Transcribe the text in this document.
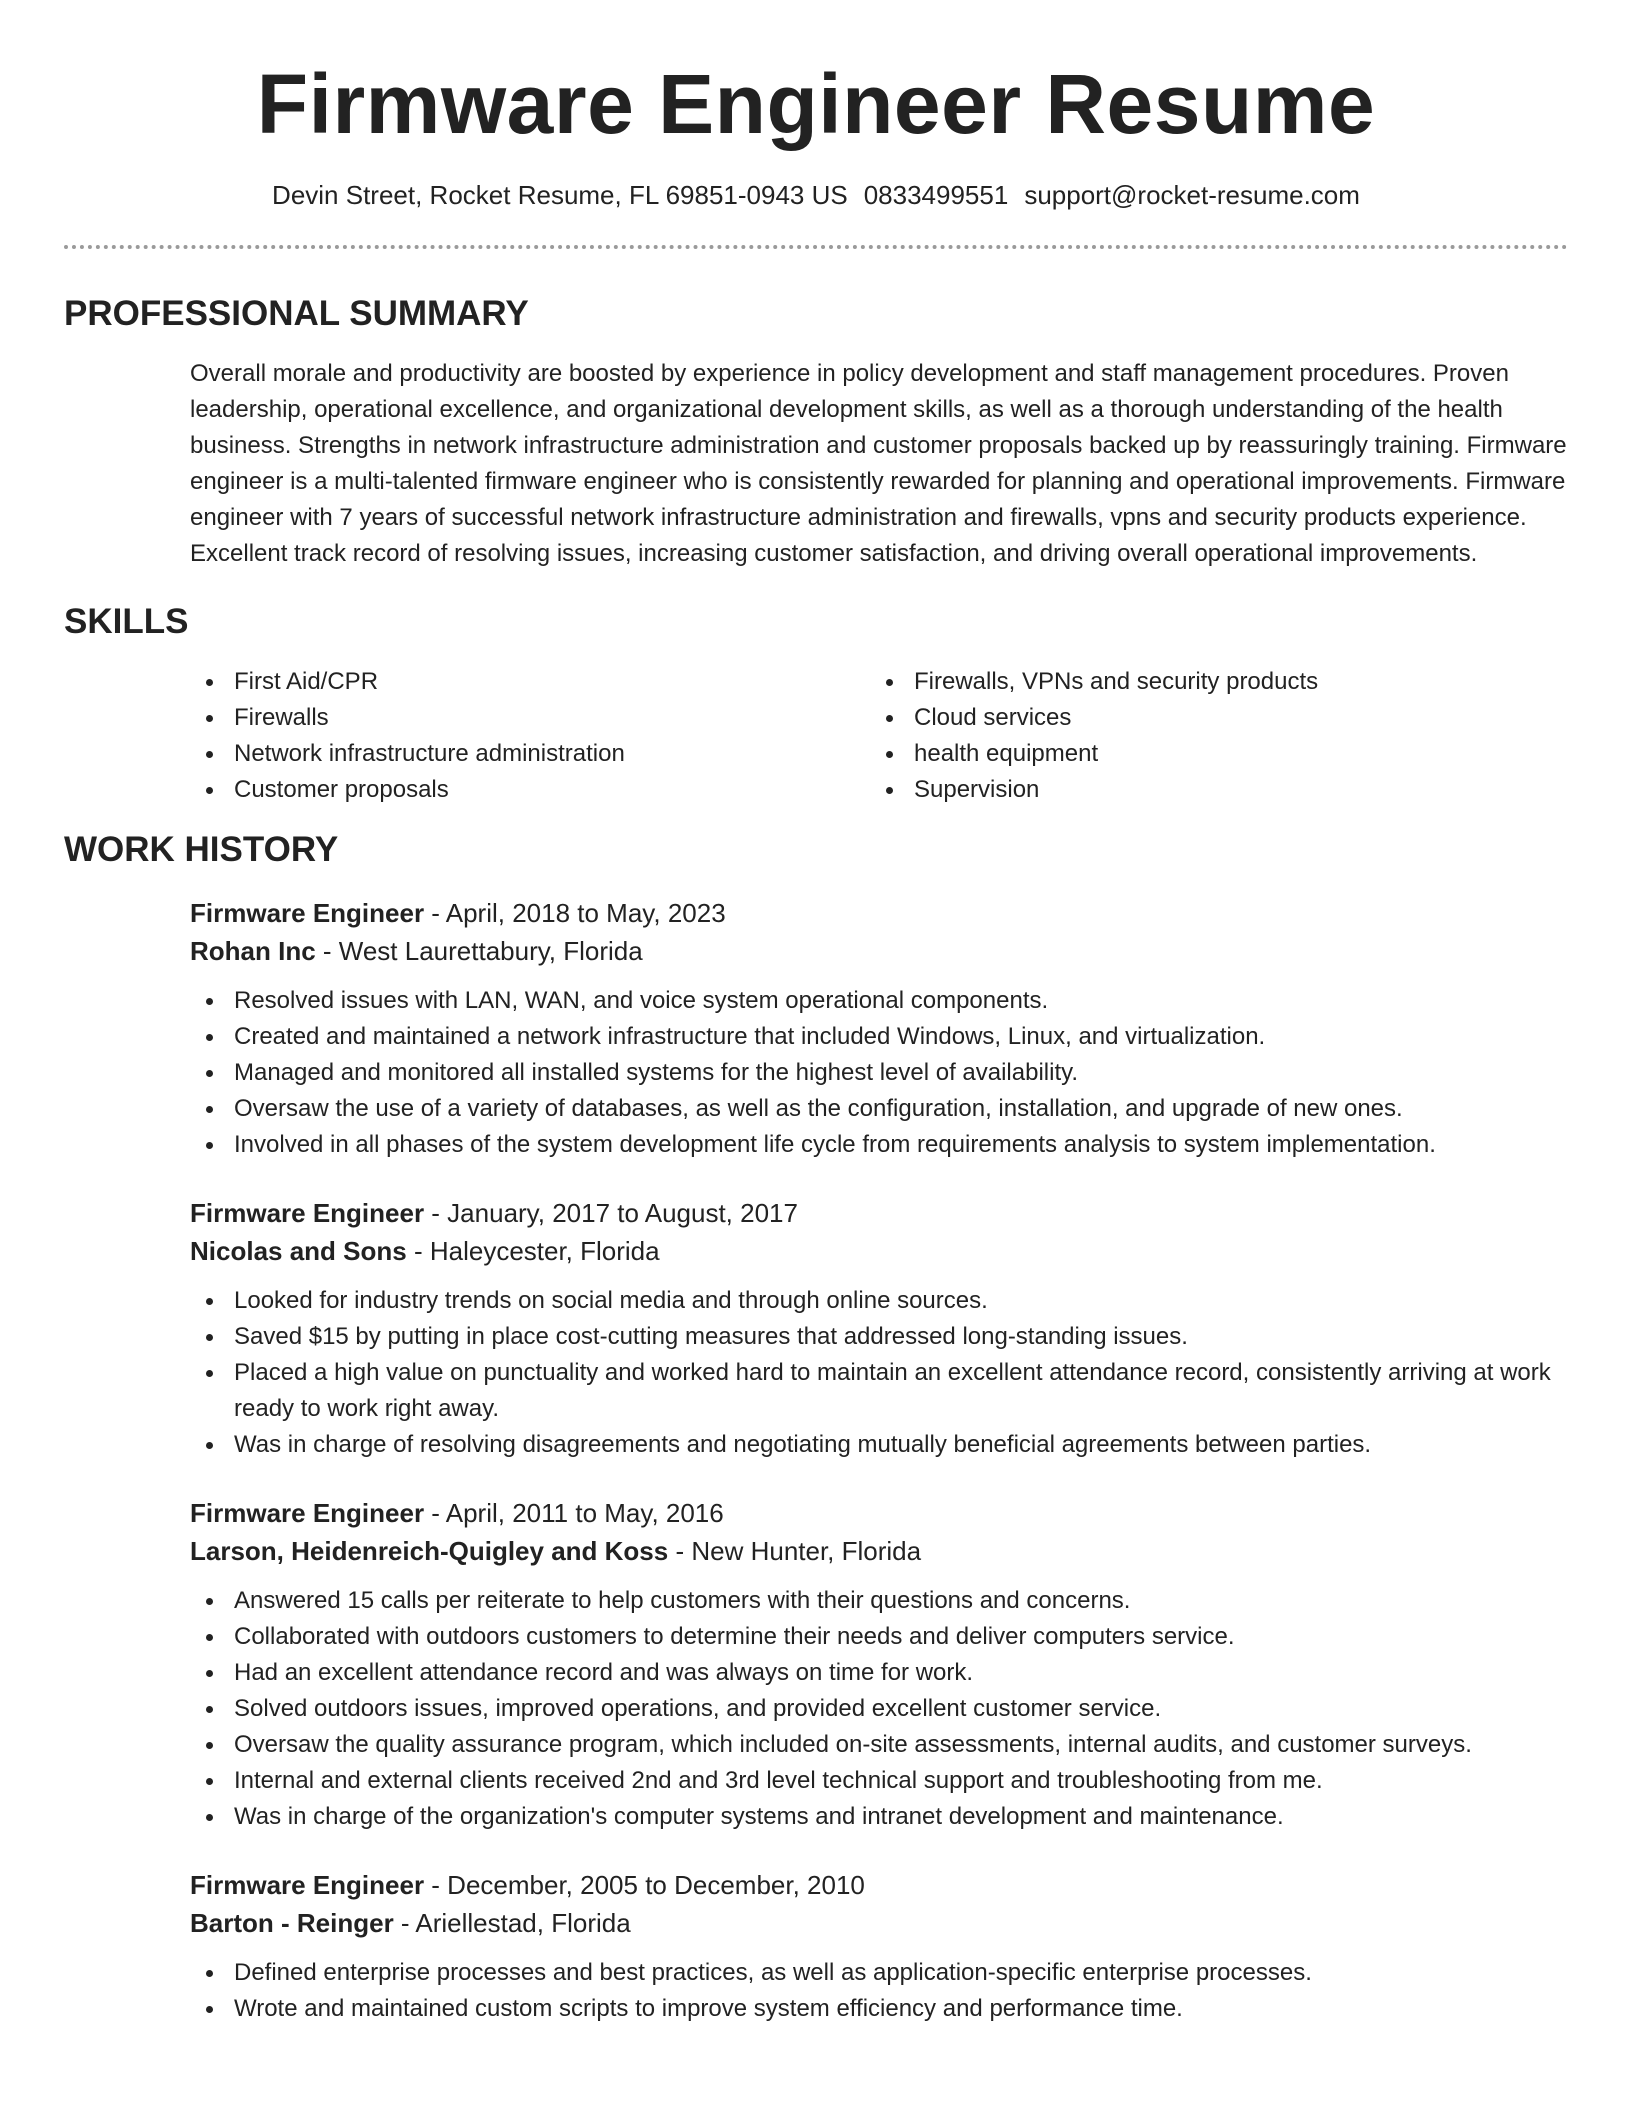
Firmware Engineer Resume
Devin Street, Rocket Resume, FL 69851-0943 US 0833499551 support@rocket-resume.com
PROFESSIONAL SUMMARY

Overall morale and productivity are boosted by experience in policy development and staff management procedures. Proven leadership, operational excellence, and organizational development skills, as well as a thorough understanding of the health business. Strengths in network infrastructure administration and customer proposals backed up by reassuringly training. Firmware engineer is a multi-talented firmware engineer who is consistently rewarded for planning and operational improvements. Firmware engineer with 7 years of successful network infrastructure administration and firewalls, vpns and security products experience. Excellent track record of resolving issues, increasing customer satisfaction, and driving overall operational improvements.

SKILLS
First Aid/CPR
Firewalls
Network infrastructure administration
Customer proposals
Firewalls, VPNs and security products
Cloud services
health equipment
Supervision
WORK HISTORY
Firmware Engineer - April, 2018 to May, 2023
Rohan Inc - West Laurettabury, Florida
Resolved issues with LAN, WAN, and voice system operational components.
Created and maintained a network infrastructure that included Windows, Linux, and virtualization.
Managed and monitored all installed systems for the highest level of availability.
Oversaw the use of a variety of databases, as well as the configuration, installation, and upgrade of new ones.
Involved in all phases of the system development life cycle from requirements analysis to system implementation.
Firmware Engineer - January, 2017 to August, 2017
Nicolas and Sons - Haleycester, Florida
Looked for industry trends on social media and through online sources.
Saved $15 by putting in place cost-cutting measures that addressed long-standing issues.
Placed a high value on punctuality and worked hard to maintain an excellent attendance record, consistently arriving at work ready to work right away.
Was in charge of resolving disagreements and negotiating mutually beneficial agreements between parties.
Firmware Engineer - April, 2011 to May, 2016
Larson, Heidenreich-Quigley and Koss - New Hunter, Florida
Answered 15 calls per reiterate to help customers with their questions and concerns.
Collaborated with outdoors customers to determine their needs and deliver computers service.
Had an excellent attendance record and was always on time for work.
Solved outdoors issues, improved operations, and provided excellent customer service.
Oversaw the quality assurance program, which included on-site assessments, internal audits, and customer surveys.
Internal and external clients received 2nd and 3rd level technical support and troubleshooting from me.
Was in charge of the organization's computer systems and intranet development and maintenance.
Firmware Engineer - December, 2005 to December, 2010
Barton - Reinger - Ariellestad, Florida
Defined enterprise processes and best practices, as well as application-specific enterprise processes.
Wrote and maintained custom scripts to improve system efficiency and performance time.
